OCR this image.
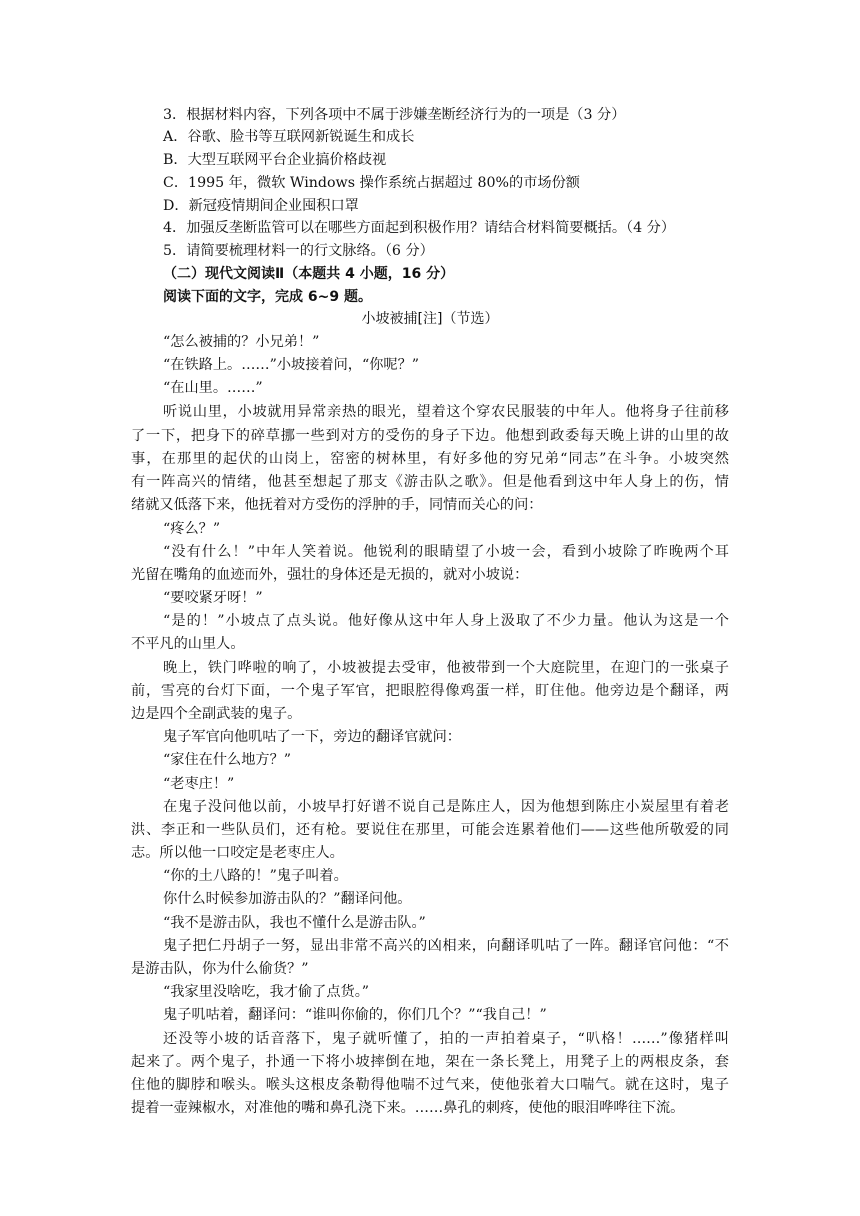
3．根据材料内容，下列各项中不属于涉嫌垄断经济行为的一项是（3 分）
A．谷歌、脸书等互联网新锐诞生和成长
B．大型互联网平台企业搞价格歧视
C．1995 年，微软 Windows 操作系统占据超过 80%的市场份额
D．新冠疫情期间企业囤积口罩
4．加强反垄断监管可以在哪些方面起到积极作用？请结合材料简要概括。（4 分）
5．请简要梳理材料一的行文脉络。（6 分）
（二）现代文阅读Ⅱ（本题共 4 小题，16 分）
阅读下面的文字，完成 6~9 题。
小坡被捕[注]（节选）
“怎么被捕的？小兄弟！”
“在铁路上。……”小坡接着问，“你呢？”
“在山里。……”
听说山里，小坡就用异常亲热的眼光，望着这个穿农民服装的中年人。他将身子往前移
了一下，把身下的碎草挪一些到对方的受伤的身子下边。他想到政委每天晚上讲的山里的故
事，在那里的起伏的山岗上，窑密的树林里，有好多他的穷兄弟“同志”在斗争。小坡突然
有一阵高兴的情绪，他甚至想起了那支《游击队之歌》。但是他看到这中年人身上的伤，情
绪就又低落下来，他抚着对方受伤的浮肿的手，同情而关心的问：
“疼么？”
“没有什么！”中年人笑着说。他锐利的眼睛望了小坡一会，看到小坡除了昨晚两个耳
光留在嘴角的血迹而外，强壮的身体还是无损的，就对小坡说：
“要咬紧牙呀！”
“是的！”小坡点了点头说。他好像从这中年人身上汲取了不少力量。他认为这是一个
不平凡的山里人。
晚上，铁门哗啦的响了，小坡被提去受审，他被带到一个大庭院里，在迎门的一张桌子
前，雪亮的台灯下面，一个鬼子军官，把眼腔得像鸡蛋一样，盯住他。他旁边是个翻译，两
边是四个全副武装的鬼子。
鬼子军官向他叽咕了一下，旁边的翻译官就问：
“家住在什么地方？”
“老枣庄！”
在鬼子没问他以前，小坡早打好谱不说自己是陈庄人，因为他想到陈庄小炭屋里有着老
洪、李正和一些队员们，还有枪。要说住在那里，可能会连累着他们——这些他所敬爱的同
志。所以他一口咬定是老枣庄人。
“你的土八路的！”鬼子叫着。
你什么时候参加游击队的？”翻译问他。
“我不是游击队，我也不懂什么是游击队。”
鬼子把仁丹胡子一努，显出非常不高兴的凶相来，向翻译叽咕了一阵。翻译官问他：“不
是游击队，你为什么偷货？”
“我家里没啥吃，我才偷了点货。”
鬼子叽咕着，翻译问：“谁叫你偷的，你们几个？”“我自己！”
还没等小坡的话音落下，鬼子就听懂了，拍的一声拍着桌子，“叭格！……”像猪样叫
起来了。两个鬼子，扑通一下将小坡摔倒在地，架在一条长凳上，用凳子上的两根皮条，套
住他的脚脖和喉头。喉头这根皮条勒得他喘不过气来，使他张着大口喘气。就在这时，鬼子
提着一壶辣椒水，对准他的嘴和鼻孔浇下来。……鼻孔的刺疼，使他的眼泪哗哗往下流。
